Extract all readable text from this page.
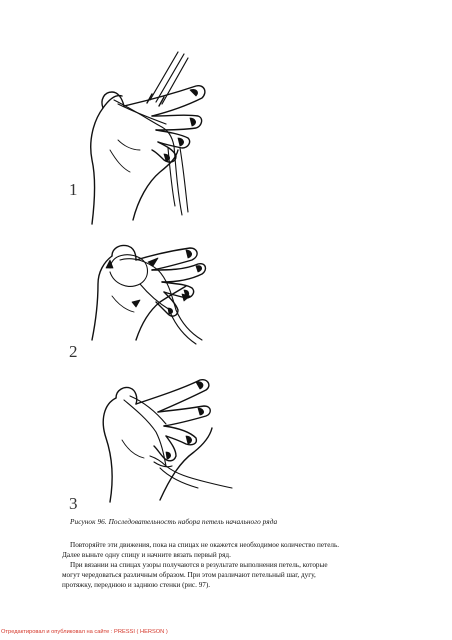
1
2
3
Рисунок 96. Последовательность набора петель начального ряда

Повторяйте эти движения, пока на спицах не окажется необходимое количество петель.

Далее выньте одну спицу и начните вязать первый ряд.

При вязании на спицах узоры получаются в результате выполнения петель, которые

могут чередоваться различным образом. При этом различают петельный шаг, дугу,

протяжку, переднюю и заднюю стенки (рис. 97).

Отредактировал и опубликовал на сайте : PRESSI ( HERSON )
